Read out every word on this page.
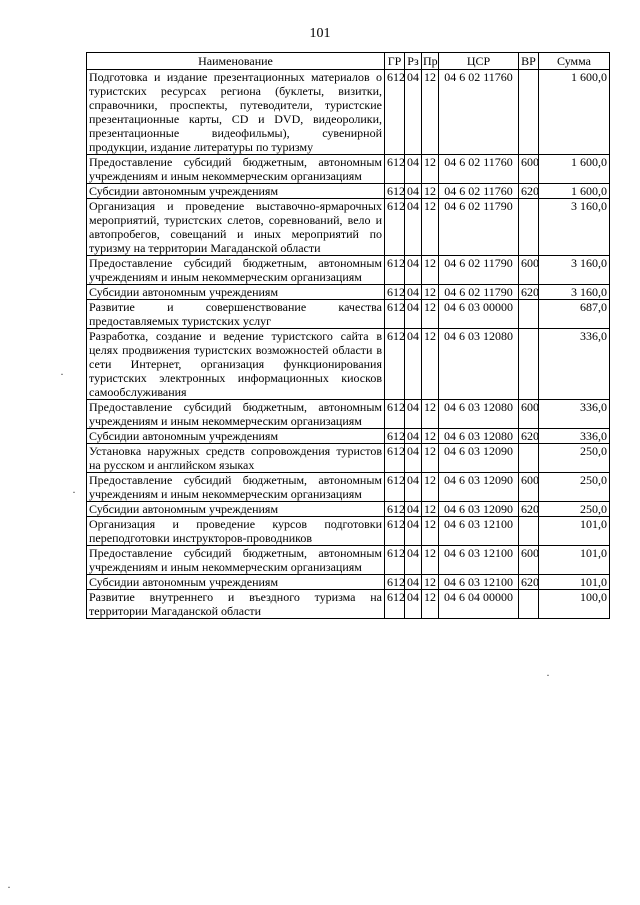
101
Наименование	ГР	Рз	Пр	ЦСР	ВР	Сумма
Подготовка и издание презентационных материалов о туристских ресурсах региона (буклеты, визитки, справочники, проспекты, путеводители, туристские презентационные карты, CD и DVD, видеоролики, презентационные видеофильмы), сувенирной продукции, издание литературы по туризму	612	04	12	04 6 02 11760		1 600,0
Предоставление субсидий бюджетным, автономным учреждениям и иным некоммерческим организациям	612	04	12	04 6 02 11760	600	1 600,0
Субсидии автономным учреждениям	612	04	12	04 6 02 11760	620	1 600,0
Организация и проведение выставочно-ярмарочных мероприятий, туристских слетов, соревнований, вело и автопробегов, совещаний и иных мероприятий по туризму на территории Магаданской области	612	04	12	04 6 02 11790		3 160,0
Предоставление субсидий бюджетным, автономным учреждениям и иным некоммерческим организациям	612	04	12	04 6 02 11790	600	3 160,0
Субсидии автономным учреждениям	612	04	12	04 6 02 11790	620	3 160,0
Развитие и совершенствование качества предоставляемых туристских услуг	612	04	12	04 6 03 00000		687,0
Разработка, создание и ведение туристского сайта в целях продвижения туристских возможностей области в сети Интернет, организация функционирования туристских электронных информационных киосков самообслуживания	612	04	12	04 6 03 12080		336,0
Предоставление субсидий бюджетным, автономным учреждениям и иным некоммерческим организациям	612	04	12	04 6 03 12080	600	336,0
Субсидии автономным учреждениям	612	04	12	04 6 03 12080	620	336,0
Установка наружных средств сопровождения туристов на русском и английском языках	612	04	12	04 6 03 12090		250,0
Предоставление субсидий бюджетным, автономным учреждениям и иным некоммерческим организациям	612	04	12	04 6 03 12090	600	250,0
Субсидии автономным учреждениям	612	04	12	04 6 03 12090	620	250,0
Организация и проведение курсов подготовки переподготовки инструкторов-проводников	612	04	12	04 6 03 12100		101,0
Предоставление субсидий бюджетным, автономным учреждениям и иным некоммерческим организациям	612	04	12	04 6 03 12100	600	101,0
Субсидии автономным учреждениям	612	04	12	04 6 03 12100	620	101,0
Развитие внутреннего и въездного туризма на территории Магаданской области	612	04	12	04 6 04 00000		100,0
·
·
·
·
